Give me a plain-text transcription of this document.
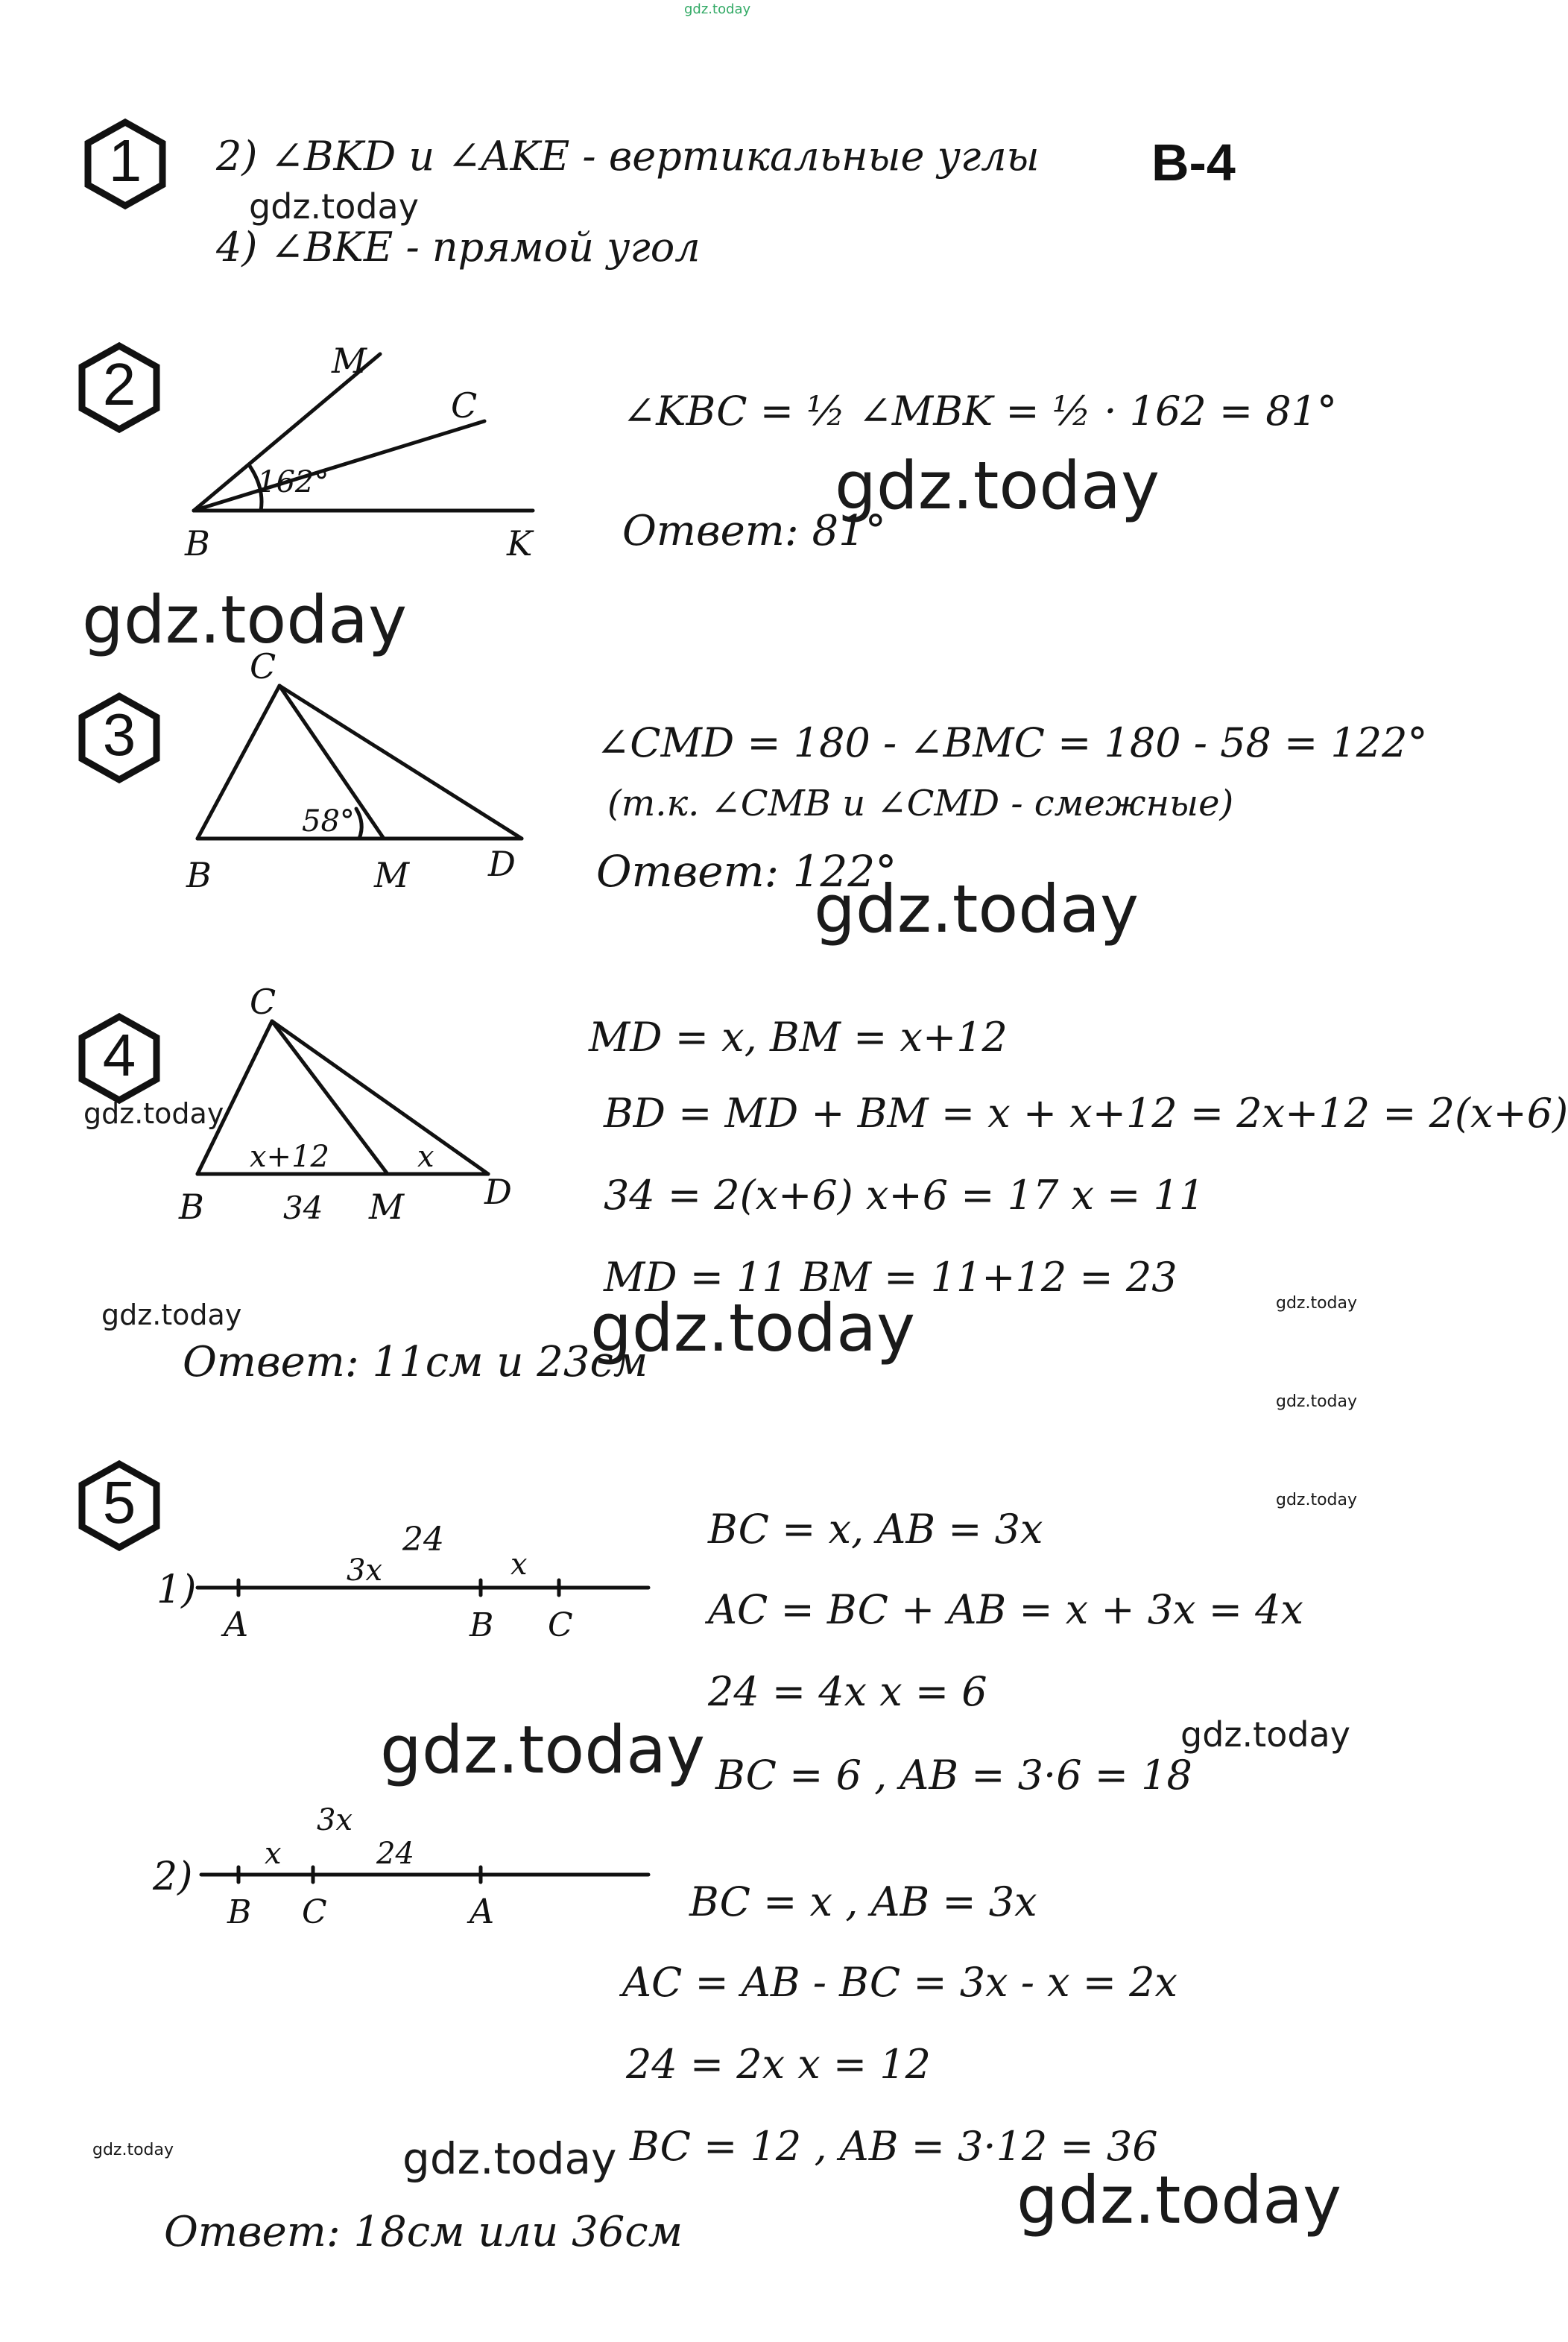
gdz.today
B-4
1	2) ∠BKD и ∠AKE - вертикальные углы
4) ∠BKE - прямой угол
gdz.today
2	M
C
B	K
162°
∠KBC = ½ ∠MBK = ½ · 162 = 81°
Ответ: 81°
gdz.today
gdz.today
3
C
B	M D
58°
∠CMD = 180 - ∠BMC = 180 - 58 = 122°
(т.к. ∠CMB и ∠CMD - смежные)
Ответ: 122°
gdz.today
4
C
B	M D
x+12	x
34
MD = x, BM = x+12
BD = MD + BM = x + x+12 = 2x+12 = 2(x+6)
34 = 2(x+6) x+6 = 17 x = 11
MD = 11 BM = 11+12 = 23
Ответ: 11см и 23см
gdz.today
gdz.today	gdz.today	gdz.today
gdz.today
5	gdz.today
1)
A	B C
3x
24
x
BC = x, AB = 3x
AC = BC + AB = x + 3x = 4x
24 = 4x x = 6
BC = 6 , AB = 3·6 = 18
gdz.today	gdz.today
2)
B C	A
x
3x
24
BC = x , AB = 3x
AC = AB - BC = 3x - x = 2x
24 = 2x x = 12
BC = 12 , AB = 3·12 = 36
Ответ: 18см или 36см
gdz.today	gdz.today
gdz.today
